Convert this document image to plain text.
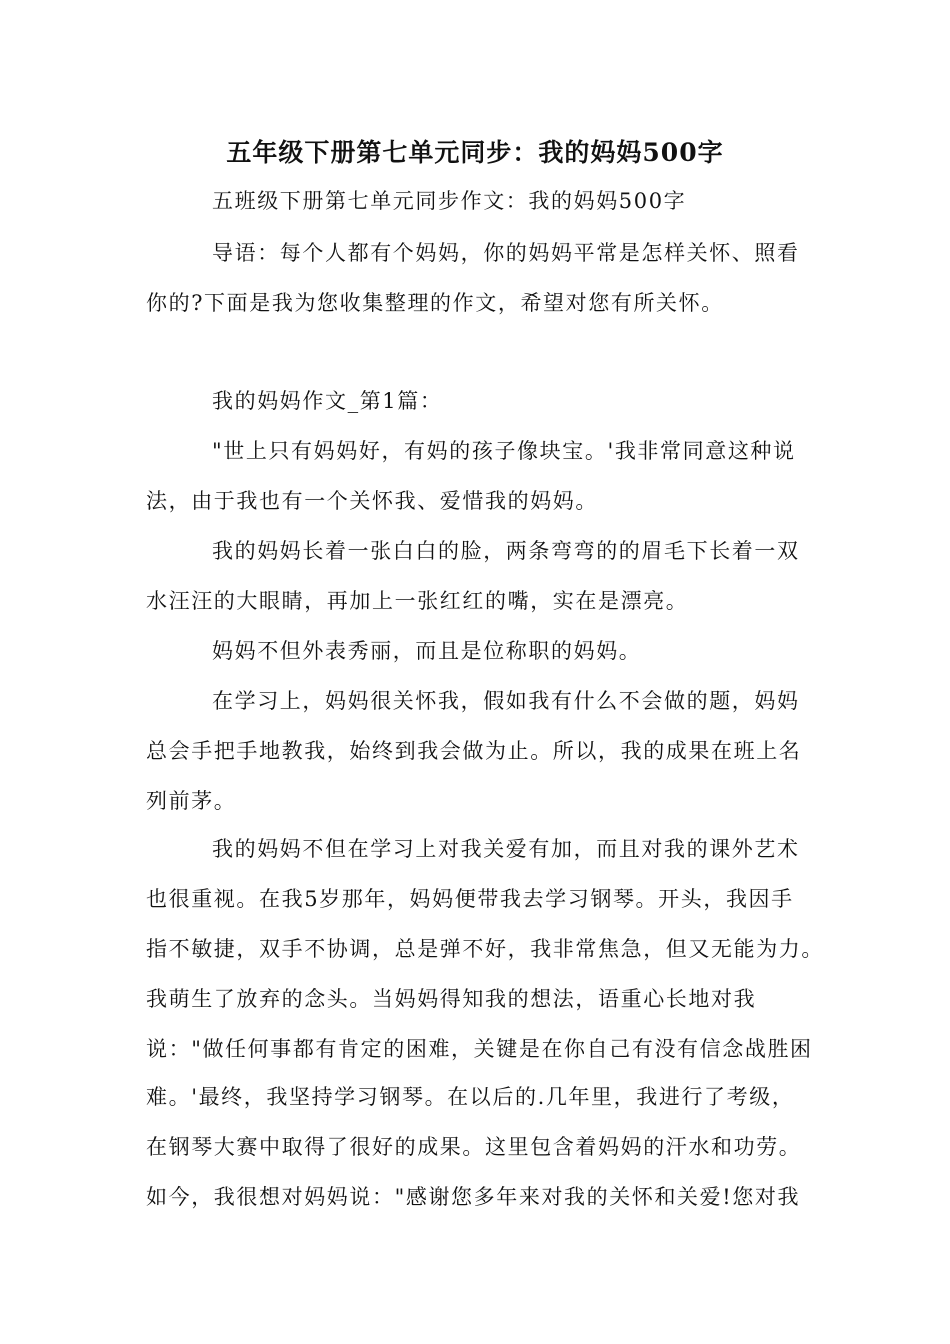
五年级下册第七单元同步：我的妈妈500字
五班级下册第七单元同步作文：我的妈妈500字
导语：每个人都有个妈妈，你的妈妈平常是怎样关怀、照看
你的?下面是我为您收集整理的作文，希望对您有所关怀。
我的妈妈作文_第1篇：
"世上只有妈妈好，有妈的孩子像块宝。'我非常同意这种说
法，由于我也有一个关怀我、爱惜我的妈妈。
我的妈妈长着一张白白的脸，两条弯弯的的眉毛下长着一双
水汪汪的大眼睛，再加上一张红红的嘴，实在是漂亮。
妈妈不但外表秀丽，而且是位称职的妈妈。
在学习上，妈妈很关怀我，假如我有什么不会做的题，妈妈
总会手把手地教我，始终到我会做为止。所以，我的成果在班上名
列前茅。
我的妈妈不但在学习上对我关爱有加，而且对我的课外艺术
也很重视。在我5岁那年，妈妈便带我去学习钢琴。开头，我因手
指不敏捷，双手不协调，总是弹不好，我非常焦急，但又无能为力。
我萌生了放弃的念头。当妈妈得知我的想法，语重心长地对我
说："做任何事都有肯定的困难，关键是在你自己有没有信念战胜困
难。'最终，我坚持学习钢琴。在以后的.几年里，我进行了考级，
在钢琴大赛中取得了很好的成果。这里包含着妈妈的汗水和功劳。
如今，我很想对妈妈说："感谢您多年来对我的关怀和关爱!您对我
